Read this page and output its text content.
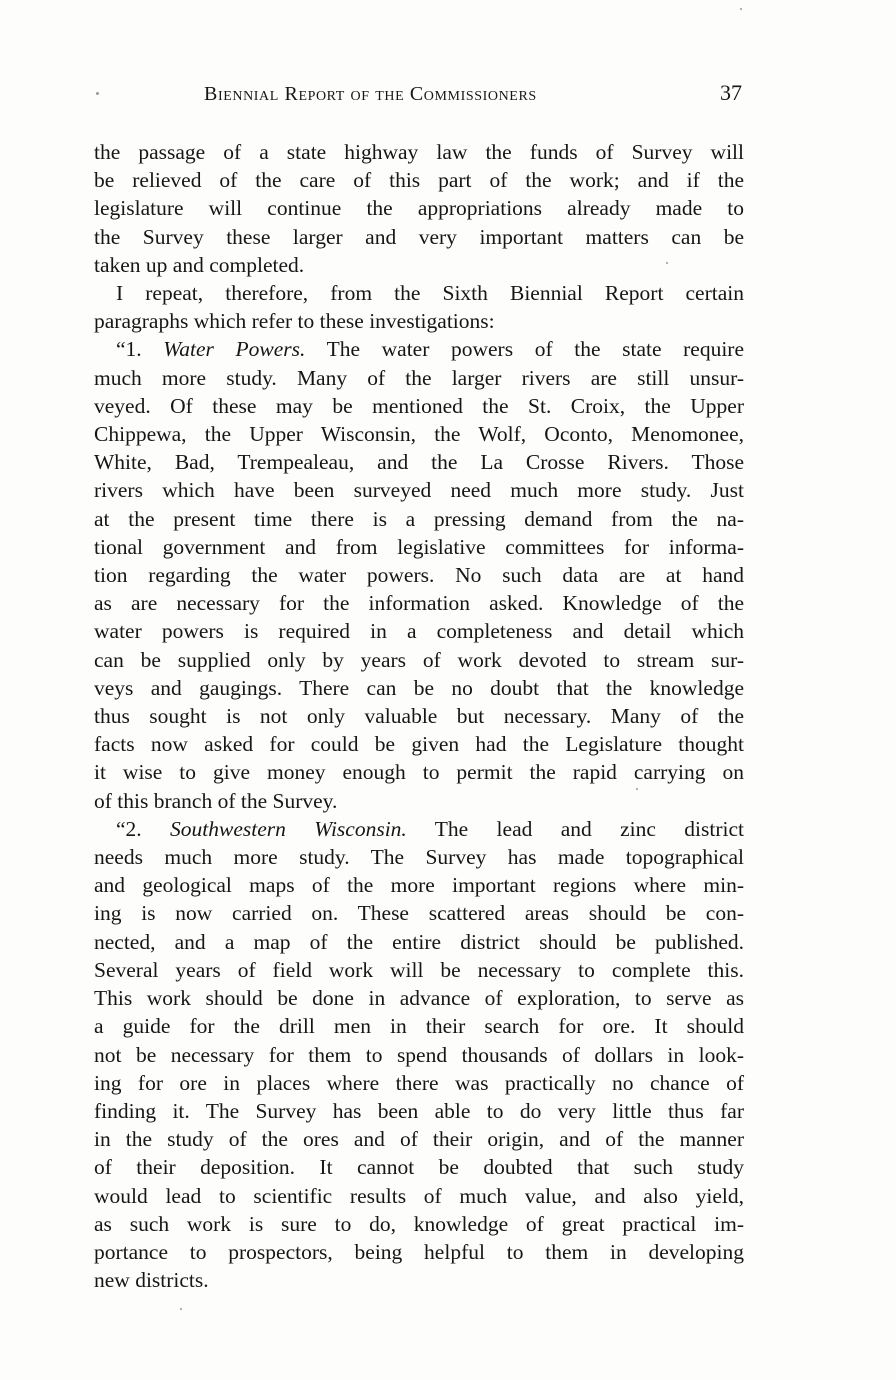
Biennial Report of the Commissioners	37

the passage of a state highway law the funds of Survey will
be relieved of the care of this part of the work; and if the
legislature will continue the appropriations already made to
the Survey these larger and very important matters can be
taken up and completed.

I repeat, therefore, from the Sixth Biennial Report certain
paragraphs which refer to these investigations:

“1. Water Powers. The water powers of the state require
much more study. Many of the larger rivers are still unsur-
veyed. Of these may be mentioned the St. Croix, the Upper
Chippewa, the Upper Wisconsin, the Wolf, Oconto, Menomonee,
White, Bad, Trempealeau, and the La Crosse Rivers. Those
rivers which have been surveyed need much more study. Just
at the present time there is a pressing demand from the na-
tional government and from legislative committees for informa-
tion regarding the water powers. No such data are at hand
as are necessary for the information asked. Knowledge of the
water powers is required in a completeness and detail which
can be supplied only by years of work devoted to stream sur-
veys and gaugings. There can be no doubt that the knowledge
thus sought is not only valuable but necessary. Many of the
facts now asked for could be given had the Legislature thought
it wise to give money enough to permit the rapid carrying on
of this branch of the Survey.

“2. Southwestern Wisconsin. The lead and zinc district
needs much more study. The Survey has made topographical
and geological maps of the more important regions where min-
ing is now carried on. These scattered areas should be con-
nected, and a map of the entire district should be published.
Several years of field work will be necessary to complete this.
This work should be done in advance of exploration, to serve as
a guide for the drill men in their search for ore. It should
not be necessary for them to spend thousands of dollars in look-
ing for ore in places where there was practically no chance of
finding it. The Survey has been able to do very little thus far
in the study of the ores and of their origin, and of the manner
of their deposition. It cannot be doubted that such study
would lead to scientific results of much value, and also yield,
as such work is sure to do, knowledge of great practical im-
portance to prospectors, being helpful to them in developing
new districts.
